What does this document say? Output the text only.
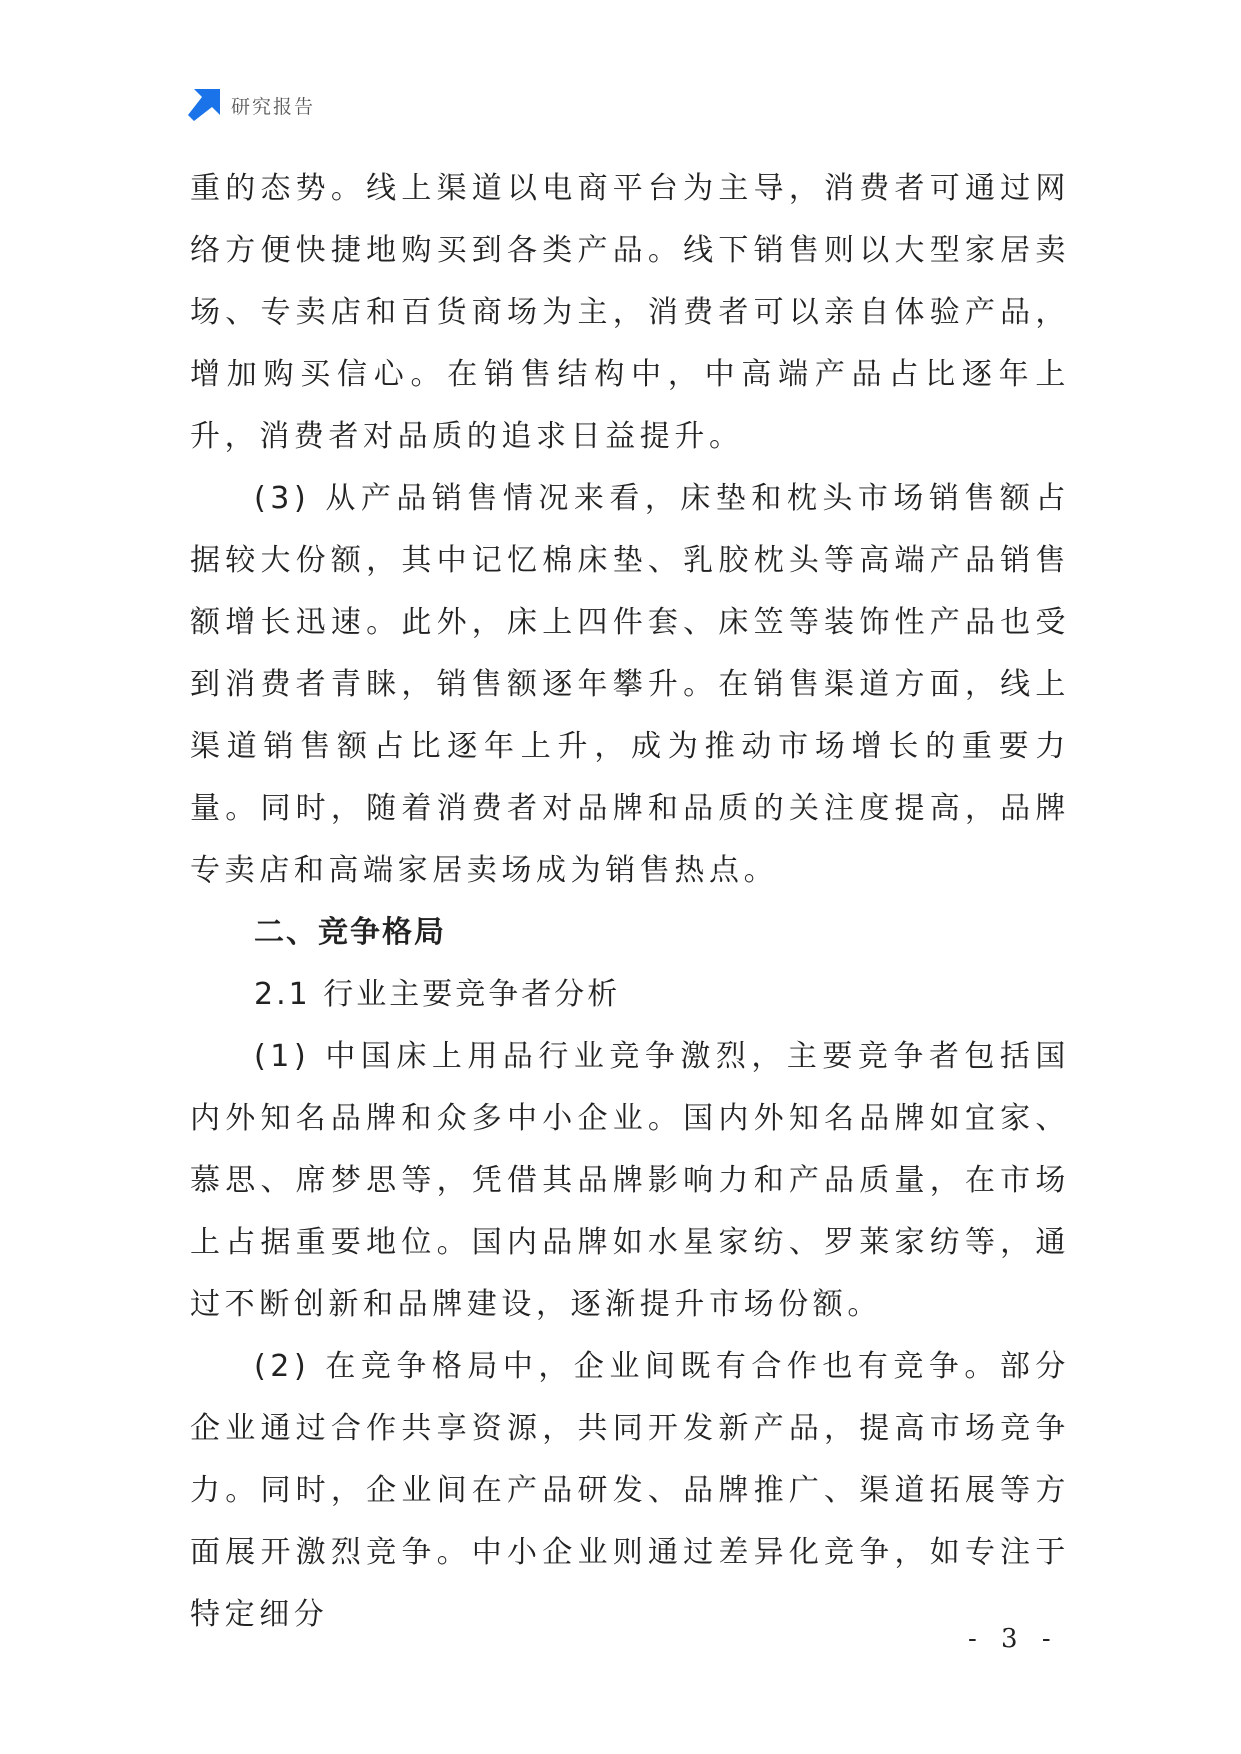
研究报告

重的态势。线上渠道以电商平台为主导，消费者可通过网络方便快捷地购买到各类产品。线下销售则以大型家居卖场、专卖店和百货商场为主，消费者可以亲自体验产品，增加购买信心。在销售结构中，中高端产品占比逐年上升，消费者对品质的追求日益提升。

(3) 从产品销售情况来看，床垫和枕头市场销售额占据较大份额，其中记忆棉床垫、乳胶枕头等高端产品销售额增长迅速。此外，床上四件套、床笠等装饰性产品也受到消费者青睐，销售额逐年攀升。在销售渠道方面，线上渠道销售额占比逐年上升，成为推动市场增长的重要力量。同时，随着消费者对品牌和品质的关注度提高，品牌专卖店和高端家居卖场成为销售热点。

二、竞争格局

2.1 行业主要竞争者分析

(1) 中国床上用品行业竞争激烈，主要竞争者包括国内外知名品牌和众多中小企业。国内外知名品牌如宜家、慕思、席梦思等，凭借其品牌影响力和产品质量，在市场上占据重要地位。国内品牌如水星家纺、罗莱家纺等，通过不断创新和品牌建设，逐渐提升市场份额。

(2) 在竞争格局中，企业间既有合作也有竞争。部分企业通过合作共享资源，共同开发新产品，提高市场竞争力。同时，企业间在产品研发、品牌推广、渠道拓展等方面展开激烈竞争。中小企业则通过差异化竞争，如专注于特定细分

- 3 -
